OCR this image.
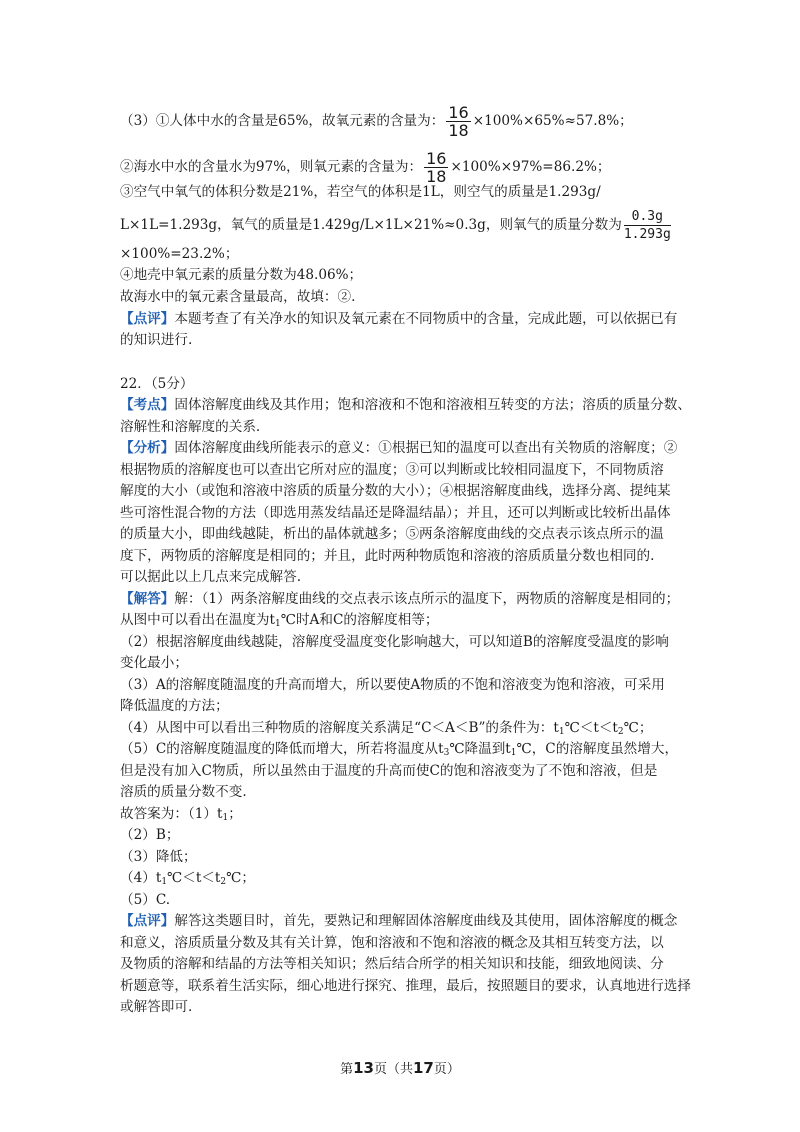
（3）①人体中水的含量是65%，故氧元素的含量为： $\frac{16}{18} \times 100\%\times 65\%\approx 57.8\%$；
②海水中水的含量水为97%，则氧元素的含量为： $\frac{16}{18} \times 100\%\times 97\%=86.2\%$；
③空气中氧气的体积分数是21%，若空气的体积是1L，则空气的质量是1.293g/
L×1L=1.293g，氧气的质量是1.429g/L×1L×21%≈0.3g，则氧气的质量分数为 $\frac{0.3g}{1.293g}$
×100%=23.2%；
④地壳中氧元素的质量分数为48.06%；
故海水中的氧元素含量最高，故填：②.
【点评】本题考查了有关净水的知识及氧元素在不同物质中的含量，完成此题，可以依据已有
的知识进行.
22．（5分）
【考点】固体溶解度曲线及其作用；饱和溶液和不饱和溶液相互转变的方法；溶质的质量分数、
溶解性和溶解度的关系.
【分析】固体溶解度曲线所能表示的意义：①根据已知的温度可以查出有关物质的溶解度；②
根据物质的溶解度也可以查出它所对应的温度；③可以判断或比较相同温度下，不同物质溶
解度的大小（或饱和溶液中溶质的质量分数的大小）；④根据溶解度曲线，选择分离、提纯某
些可溶性混合物的方法（即选用蒸发结晶还是降温结晶）；并且，还可以判断或比较析出晶体
的质量大小，即曲线越陡，析出的晶体就越多；⑤两条溶解度曲线的交点表示该点所示的温
度下，两物质的溶解度是相同的；并且，此时两种物质饱和溶液的溶质质量分数也相同的.
可以据此以上几点来完成解答.
【解答】解：（1）两条溶解度曲线的交点表示该点所示的温度下，两物质的溶解度是相同的；
从图中可以看出在温度为$t_1℃$时A和C的溶解度相等；
（2）根据溶解度曲线越陡，溶解度受温度变化影响越大，可以知道B的溶解度受温度的影响
变化最小；
（3）A的溶解度随温度的升高而增大，所以要使A物质的不饱和溶液变为饱和溶液，可采用
降低温度的方法；
（4）从图中可以看出三种物质的溶解度关系满足“C＜A＜B”的条件为：$t_1℃<t<t_2℃$；
（5）C的溶解度随温度的降低而增大，所若将温度从$t_3℃$降温到$t_1℃$，C的溶解度虽然增大，
但是没有加入C物质，所以虽然由于温度的升高而使C的饱和溶液变为了不饱和溶液，但是
溶质的质量分数不变.
故答案为：$(1)t_1$；
（2）B；
（3）降低；
$(4)t_1℃<t<t_2℃$；
（5）C.
【点评】解答这类题目时，首先，要熟记和理解固体溶解度曲线及其使用，固体溶解度的概念
和意义，溶质质量分数及其有关计算，饱和溶液和不饱和溶液的概念及其相互转变方法，以
及物质的溶解和结晶的方法等相关知识；然后结合所学的相关知识和技能，细致地阅读、分
析题意等，联系着生活实际，细心地进行探究、推理，最后，按照题目的要求，认真地进行选择
或解答即可.
第13页（共17页）
